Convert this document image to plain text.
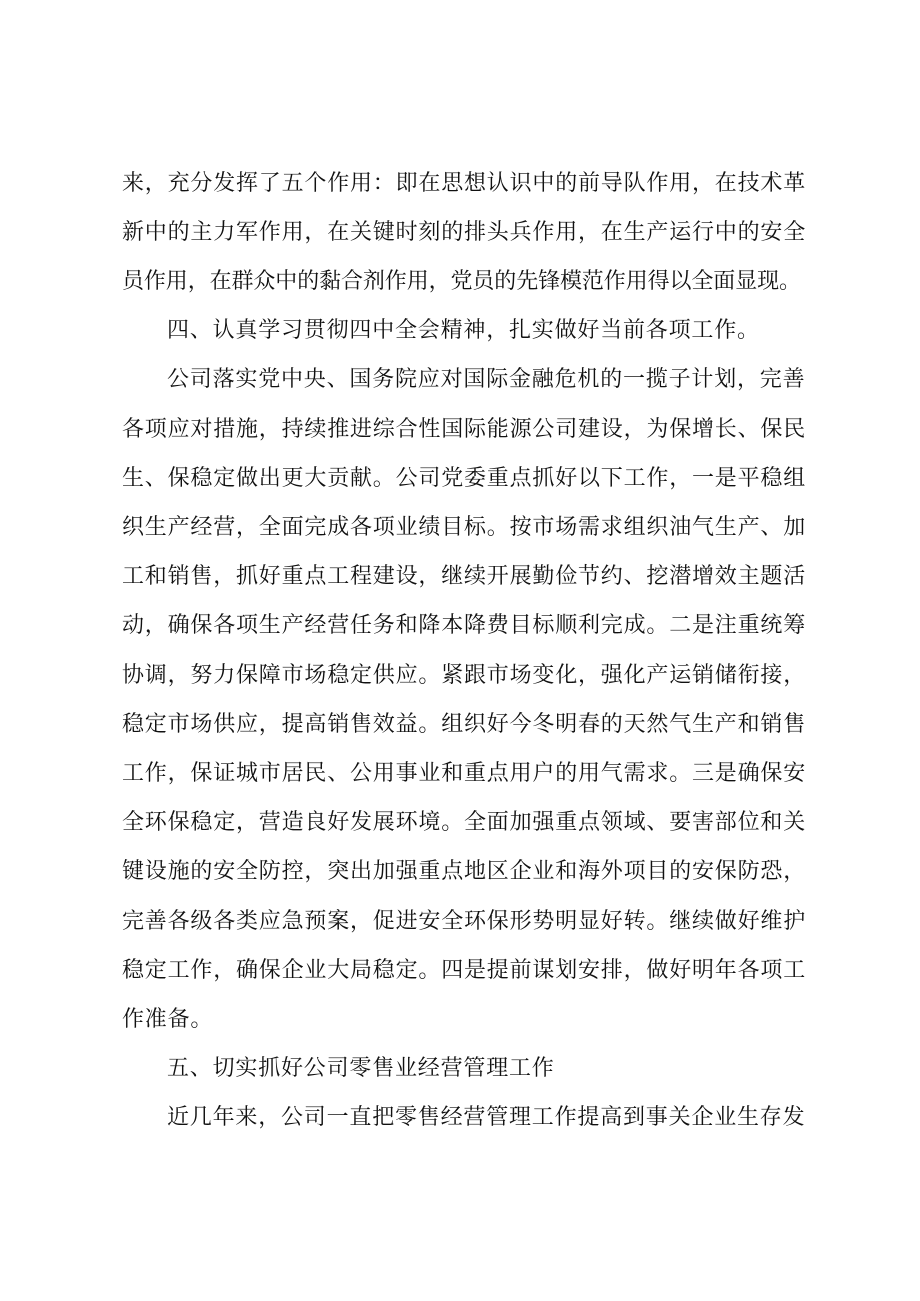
来，充分发挥了五个作用：即在思想认识中的前导队作用，在技术革
新中的主力军作用，在关键时刻的排头兵作用，在生产运行中的安全
员作用，在群众中的黏合剂作用，党员的先锋模范作用得以全面显现。
四、认真学习贯彻四中全会精神，扎实做好当前各项工作。
公司落实党中央、国务院应对国际金融危机的一揽子计划，完善
各项应对措施，持续推进综合性国际能源公司建设，为保增长、保民
生、保稳定做出更大贡献。公司党委重点抓好以下工作，一是平稳组
织生产经营，全面完成各项业绩目标。按市场需求组织油气生产、加
工和销售，抓好重点工程建设，继续开展勤俭节约、挖潜增效主题活
动，确保各项生产经营任务和降本降费目标顺利完成。二是注重统筹
协调，努力保障市场稳定供应。紧跟市场变化，强化产运销储衔接，
稳定市场供应，提高销售效益。组织好今冬明春的天然气生产和销售
工作，保证城市居民、公用事业和重点用户的用气需求。三是确保安
全环保稳定，营造良好发展环境。全面加强重点领域、要害部位和关
键设施的安全防控，突出加强重点地区企业和海外项目的安保防恐，
完善各级各类应急预案，促进安全环保形势明显好转。继续做好维护
稳定工作，确保企业大局稳定。四是提前谋划安排，做好明年各项工
作准备。
五、切实抓好公司零售业经营管理工作
近几年来，公司一直把零售经营管理工作提高到事关企业生存发
